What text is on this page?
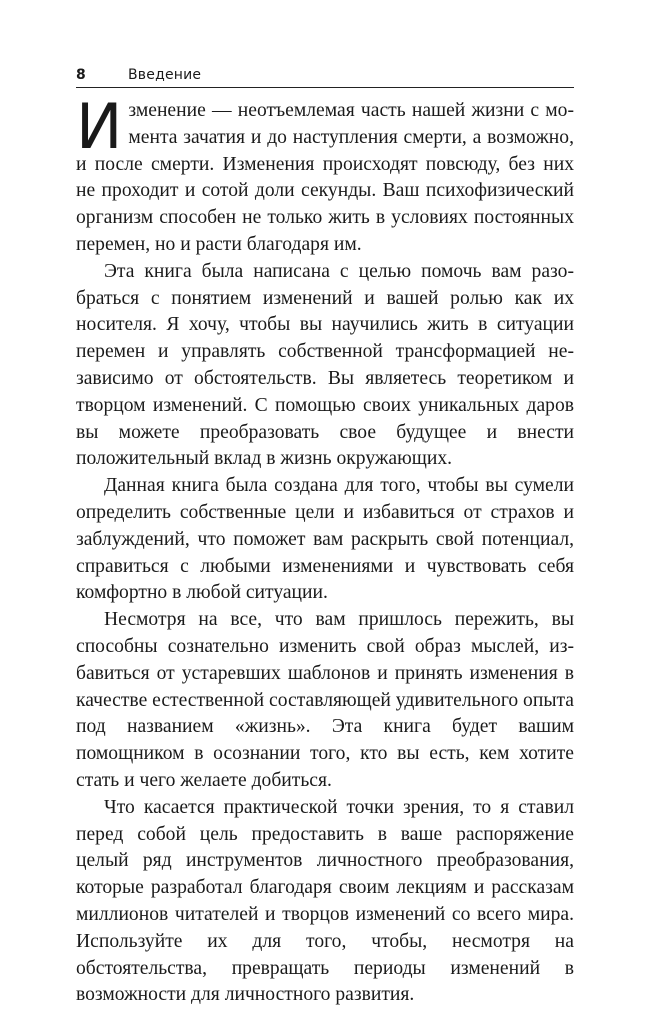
8	Введение

Изменение — неотъемлемая часть нашей жизни с момента зачатия и до наступления смерти, а возможно, и после смерти. Изменения происходят повсюду, без них не проходит и сотой доли секунды. Ваш психофизический организм способен не только жить в условиях постоянных перемен, но и расти благодаря им.

Эта книга была написана с целью помочь вам разобраться с понятием изменений и вашей ролью как их носителя. Я хочу, чтобы вы научились жить в ситуации перемен и управлять собственной трансформацией независимо от обстоятельств. Вы являетесь теоретиком и творцом изменений. С помощью своих уникальных даров вы можете преобразовать свое будущее и внести положительный вклад в жизнь окружающих.

Данная книга была создана для того, чтобы вы сумели определить собственные цели и избавиться от страхов и заблуждений, что поможет вам раскрыть свой потенциал, справиться с любыми изменениями и чувствовать себя комфортно в любой ситуации.

Несмотря на все, что вам пришлось пережить, вы способны сознательно изменить свой образ мыслей, избавиться от устаревших шаблонов и принять изменения в качестве естественной составляющей удивительного опыта под названием «жизнь». Эта книга будет вашим помощником в осознании того, кто вы есть, кем хотите стать и чего желаете добиться.

Что касается практической точки зрения, то я ставил перед собой цель предоставить в ваше распоряжение целый ряд инструментов личностного преобразования, которые разработал благодаря своим лекциям и рассказам миллионов читателей и творцов изменений со всего мира. Используйте их для того, чтобы, несмотря на обстоятельства, превращать периоды изменений в возможности для личностного развития.
